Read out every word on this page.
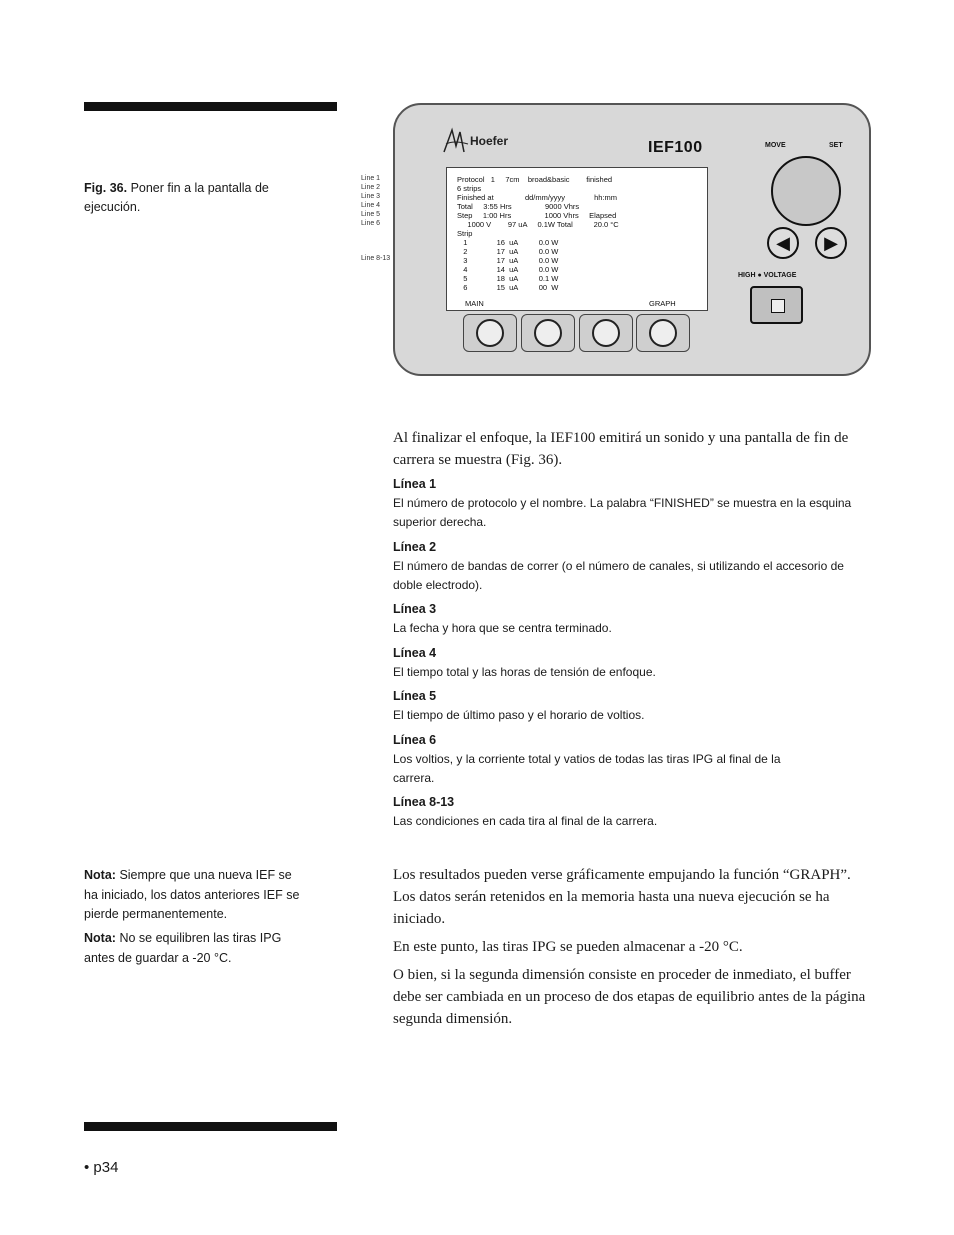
Fig. 36. Poner fin a la pantalla de ejecución.
Line 1
Line 2
Line 3
Line 4
Line 5
Line 6
Line 8-13
Hoefer	IEF100
Protocol   1     7cm    broad&basic        finished
6 strips
Finished at               dd/mm/yyyy              hh:mm
Total     3:55 Hrs                9000 Vhrs
Step     1:00 Hrs                1000 Vhrs     Elapsed
1000 V        97 uA     0.1W Total          20.0 °C
Strip
1              16  uA          0.0 W
2              17  uA          0.0 W
3              17  uA          0.0 W
4              14  uA          0.0 W
5              18  uA          0.1 W
6              15  uA          00  W
MAIN	GRAPH
MOVE	SET
◀	▶
HIGH ● VOLTAGE
Al finalizar el enfoque, la IEF100 emitirá un sonido y una pantalla de fin de carrera se muestra (Fig. 36).
Línea 1
El número de protocolo y el nombre. La palabra “FINISHED” se muestra en la esquina superior derecha.
Línea 2
El número de bandas de correr (o el número de canales, si utilizando el accesorio de doble electrodo).
Línea 3
La fecha y hora que se centra terminado.
Línea 4
El tiempo total y las horas de tensión de enfoque.
Línea 5
El tiempo de último paso y el horario de voltios.
Línea 6
Los voltios, y la corriente total y vatios de todas las tiras IPG al final de la carrera.
Línea 8-13
Las condiciones en cada tira al final de la carrera.
Nota: Siempre que una nueva IEF se ha iniciado, los datos anteriores IEF se pierde permanentemente.
Nota: No se equilibren las tiras IPG antes de guardar a -20 °C.
Los resultados pueden verse gráficamente empujando la función “GRAPH”. Los datos serán retenidos en la memoria hasta una nueva ejecución se ha iniciado.
En este punto, las tiras IPG se pueden almacenar a -20 °C.
O bien, si la segunda dimensión consiste en proceder de inmediato, el buffer debe ser cambiada en un proceso de dos etapas de equilibrio antes de la página segunda dimensión.
• p34
